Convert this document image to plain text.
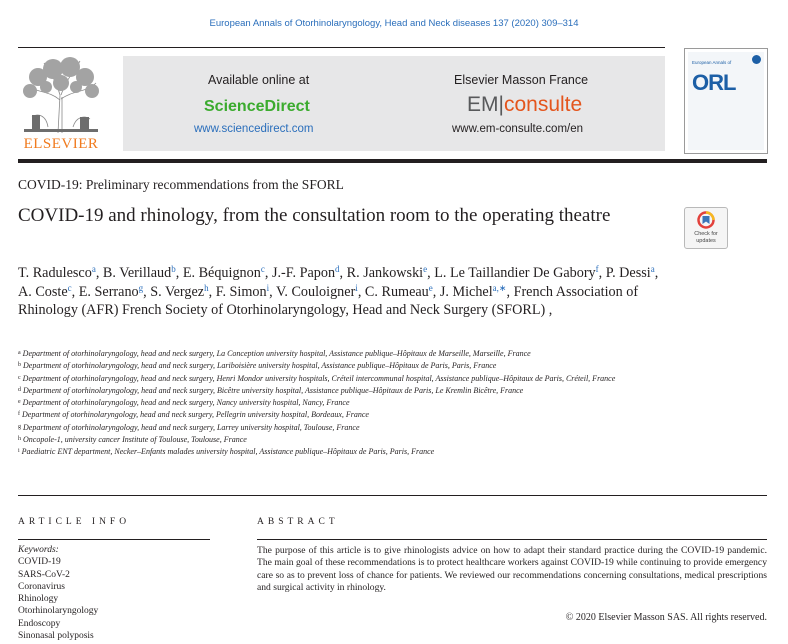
European Annals of Otorhinolaryngology, Head and Neck diseases 137 (2020) 309–314
ELSEVIER
Available online at
ScienceDirect
www.sciencedirect.com
Elsevier Masson France
EM|consulte
www.em-consulte.com/en
European Annals of
ORL
COVID-19: Preliminary recommendations from the SFORL
COVID-19 and rhinology, from the consultation room to the operating theatre
Check for updates
T. Radulesco$^a$, B. Verillaud$^b$, E. Béquignon$^c$, J.-F. Papon$^d$, R. Jankowski$^e$, L. Le Taillandier De Gabory$^f$, P. Dessi$^a$, A. Coste$^c$, E. Serrano$^g$, S. Vergez$^h$, F. Simon$^i$, V. Couloigner$^i$, C. Rumeau$^e$, J. Michel$^{a,∗}$, French Association of Rhinology (AFR) French Society of Otorhinolaryngology, Head and Neck Surgery (SFORL) ,
$^a$ Department of otorhinolaryngology, head and neck surgery, La Conception university hospital, Assistance publique–Hôpitaux de Marseille, Marseille, France
$^b$ Department of otorhinolaryngology, head and neck surgery, Lariboisière university hospital, Assistance publique–Hôpitaux de Paris, Paris, France
$^c$ Department of otorhinolaryngology, head and neck surgery, Henri Mondor university hospitals, Créteil intercommunal hospital, Assistance publique–Hôpitaux de Paris, Créteil, France
$^d$ Department of otorhinolaryngology, head and neck surgery, Bicêtre university hospital, Assistance publique–Hôpitaux de Paris, Le Kremlin Bicêtre, France
$^e$ Department of otorhinolaryngology, head and neck surgery, Nancy university hospital, Nancy, France
$^f$ Department of otorhinolaryngology, head and neck surgery, Pellegrin university hospital, Bordeaux, France
$^g$ Department of otorhinolaryngology, head and neck surgery, Larrey university hospital, Toulouse, France
$^h$ Oncopole-1, university cancer Institute of Toulouse, Toulouse, France
$^i$ Paediatric ENT department, Necker–Enfants malades university hospital, Assistance publique–Hôpitaux de Paris, Paris, France
ARTICLE INFO
Keywords:
COVID-19
SARS-CoV-2
Coronavirus
Rhinology
Otorhinolaryngology
Endoscopy
Sinonasal polyposis
ABSTRACT
The purpose of this article is to give rhinologists advice on how to adapt their standard practice during the COVID-19 pandemic. The main goal of these recommendations is to protect healthcare workers against COVID-19 while continuing to provide emergency care so as to prevent loss of chance for patients. We reviewed our recommendations concerning consultations, medical prescriptions and surgical activity in rhinology.
© 2020 Elsevier Masson SAS. All rights reserved.
